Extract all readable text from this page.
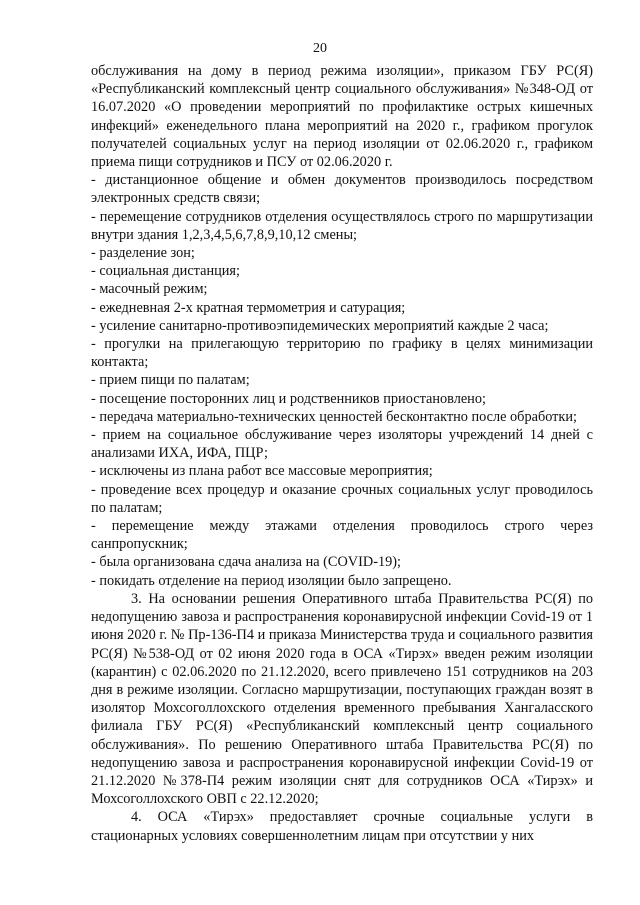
20

обслуживания на дому в период режима изоляции», приказом ГБУ РС(Я) «Республиканский комплексный центр социального обслуживания» №348-ОД от 16.07.2020 «О проведении мероприятий по профилактике острых кишечных инфекций» еженедельного плана мероприятий на 2020 г., графиком прогулок получателей социальных услуг на период изоляции от 02.06.2020 г., графиком приема пищи сотрудников и ПСУ от 02.06.2020 г.

- дистанционное общение и обмен документов производилось посредством электронных средств связи;

- перемещение сотрудников отделения осуществлялось строго по маршрутизации внутри здания 1,2,3,4,5,6,7,8,9,10,12 смены;

- разделение зон;

- социальная дистанция;

- масочный режим;

- ежедневная 2-х кратная термометрия и сатурация;

- усиление санитарно-противоэпидемических мероприятий каждые 2 часа;

- прогулки на прилегающую территорию по графику в целях минимизации контакта;

- прием пищи по палатам;

- посещение посторонних лиц и родственников приостановлено;

- передача материально-технических ценностей бесконтактно после обработки;

- прием на социальное обслуживание через изоляторы учреждений 14 дней с анализами ИХА, ИФА, ПЦР;

- исключены из плана работ все массовые мероприятия;

- проведение всех процедур и оказание срочных социальных услуг проводилось по палатам;

- перемещение между этажами отделения проводилось строго через санпропускник;

- была организована сдача анализа на (COVID-19);

- покидать отделение на период изоляции было запрещено.

3. На основании решения Оперативного штаба Правительства РС(Я) по недопущению завоза и распространения коронавирусной инфекции Covid-19 от 1 июня 2020 г. № Пр-136-П4 и приказа Министерства труда и социального развития РС(Я) №538-ОД от 02 июня 2020 года в ОСА «Тирэх» введен режим изоляции (карантин) с 02.06.2020 по 21.12.2020, всего привлечено 151 сотрудников на 203 дня в режиме изоляции. Согласно маршрутизации, поступающих граждан возят в изолятор Мохсоголлохского отделения временного пребывания Хангаласского филиала ГБУ РС(Я) «Республиканский комплексный центр социального обслуживания». По решению Оперативного штаба Правительства РС(Я) по недопущению завоза и распространения коронавирусной инфекции Covid-19 от 21.12.2020 №378-П4 режим изоляции снят для сотрудников ОСА «Тирэх» и Мохсоголлохского ОВП с 22.12.2020;

4. ОСА «Тирэх» предоставляет срочные социальные услуги в стационарных условиях совершеннолетним лицам при отсутствии у них
